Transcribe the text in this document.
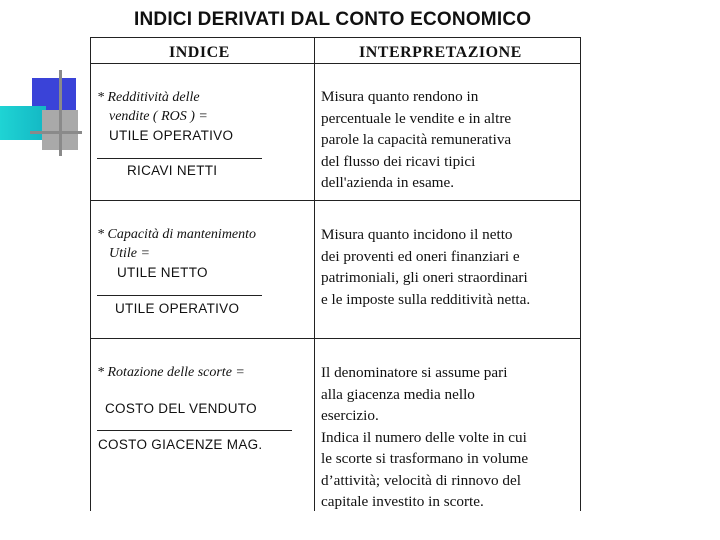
INDICI DERIVATI DAL CONTO ECONOMICO
INDICE	INTERPRETAZIONE
* Redditività delle
vendite ( ROS ) =
UTILE OPERATIVO
RICAVI NETTI
Misura quanto rendono in
percentuale le vendite e in altre
parole la capacità remunerativa
del flusso dei ricavi tipici
dell'azienda in esame.
* Capacità di mantenimento
Utile =
UTILE NETTO
UTILE OPERATIVO
Misura quanto incidono il netto
dei proventi ed oneri finanziari e
patrimoniali, gli oneri straordinari
e le imposte sulla redditività netta.
* Rotazione delle scorte =
COSTO DEL VENDUTO
COSTO GIACENZE MAG.
Il denominatore si assume pari
alla giacenza media nello
esercizio.
Indica il numero delle volte in cui
le scorte si trasformano in volume
d’attività; velocità di rinnovo del
capitale investito in scorte.
